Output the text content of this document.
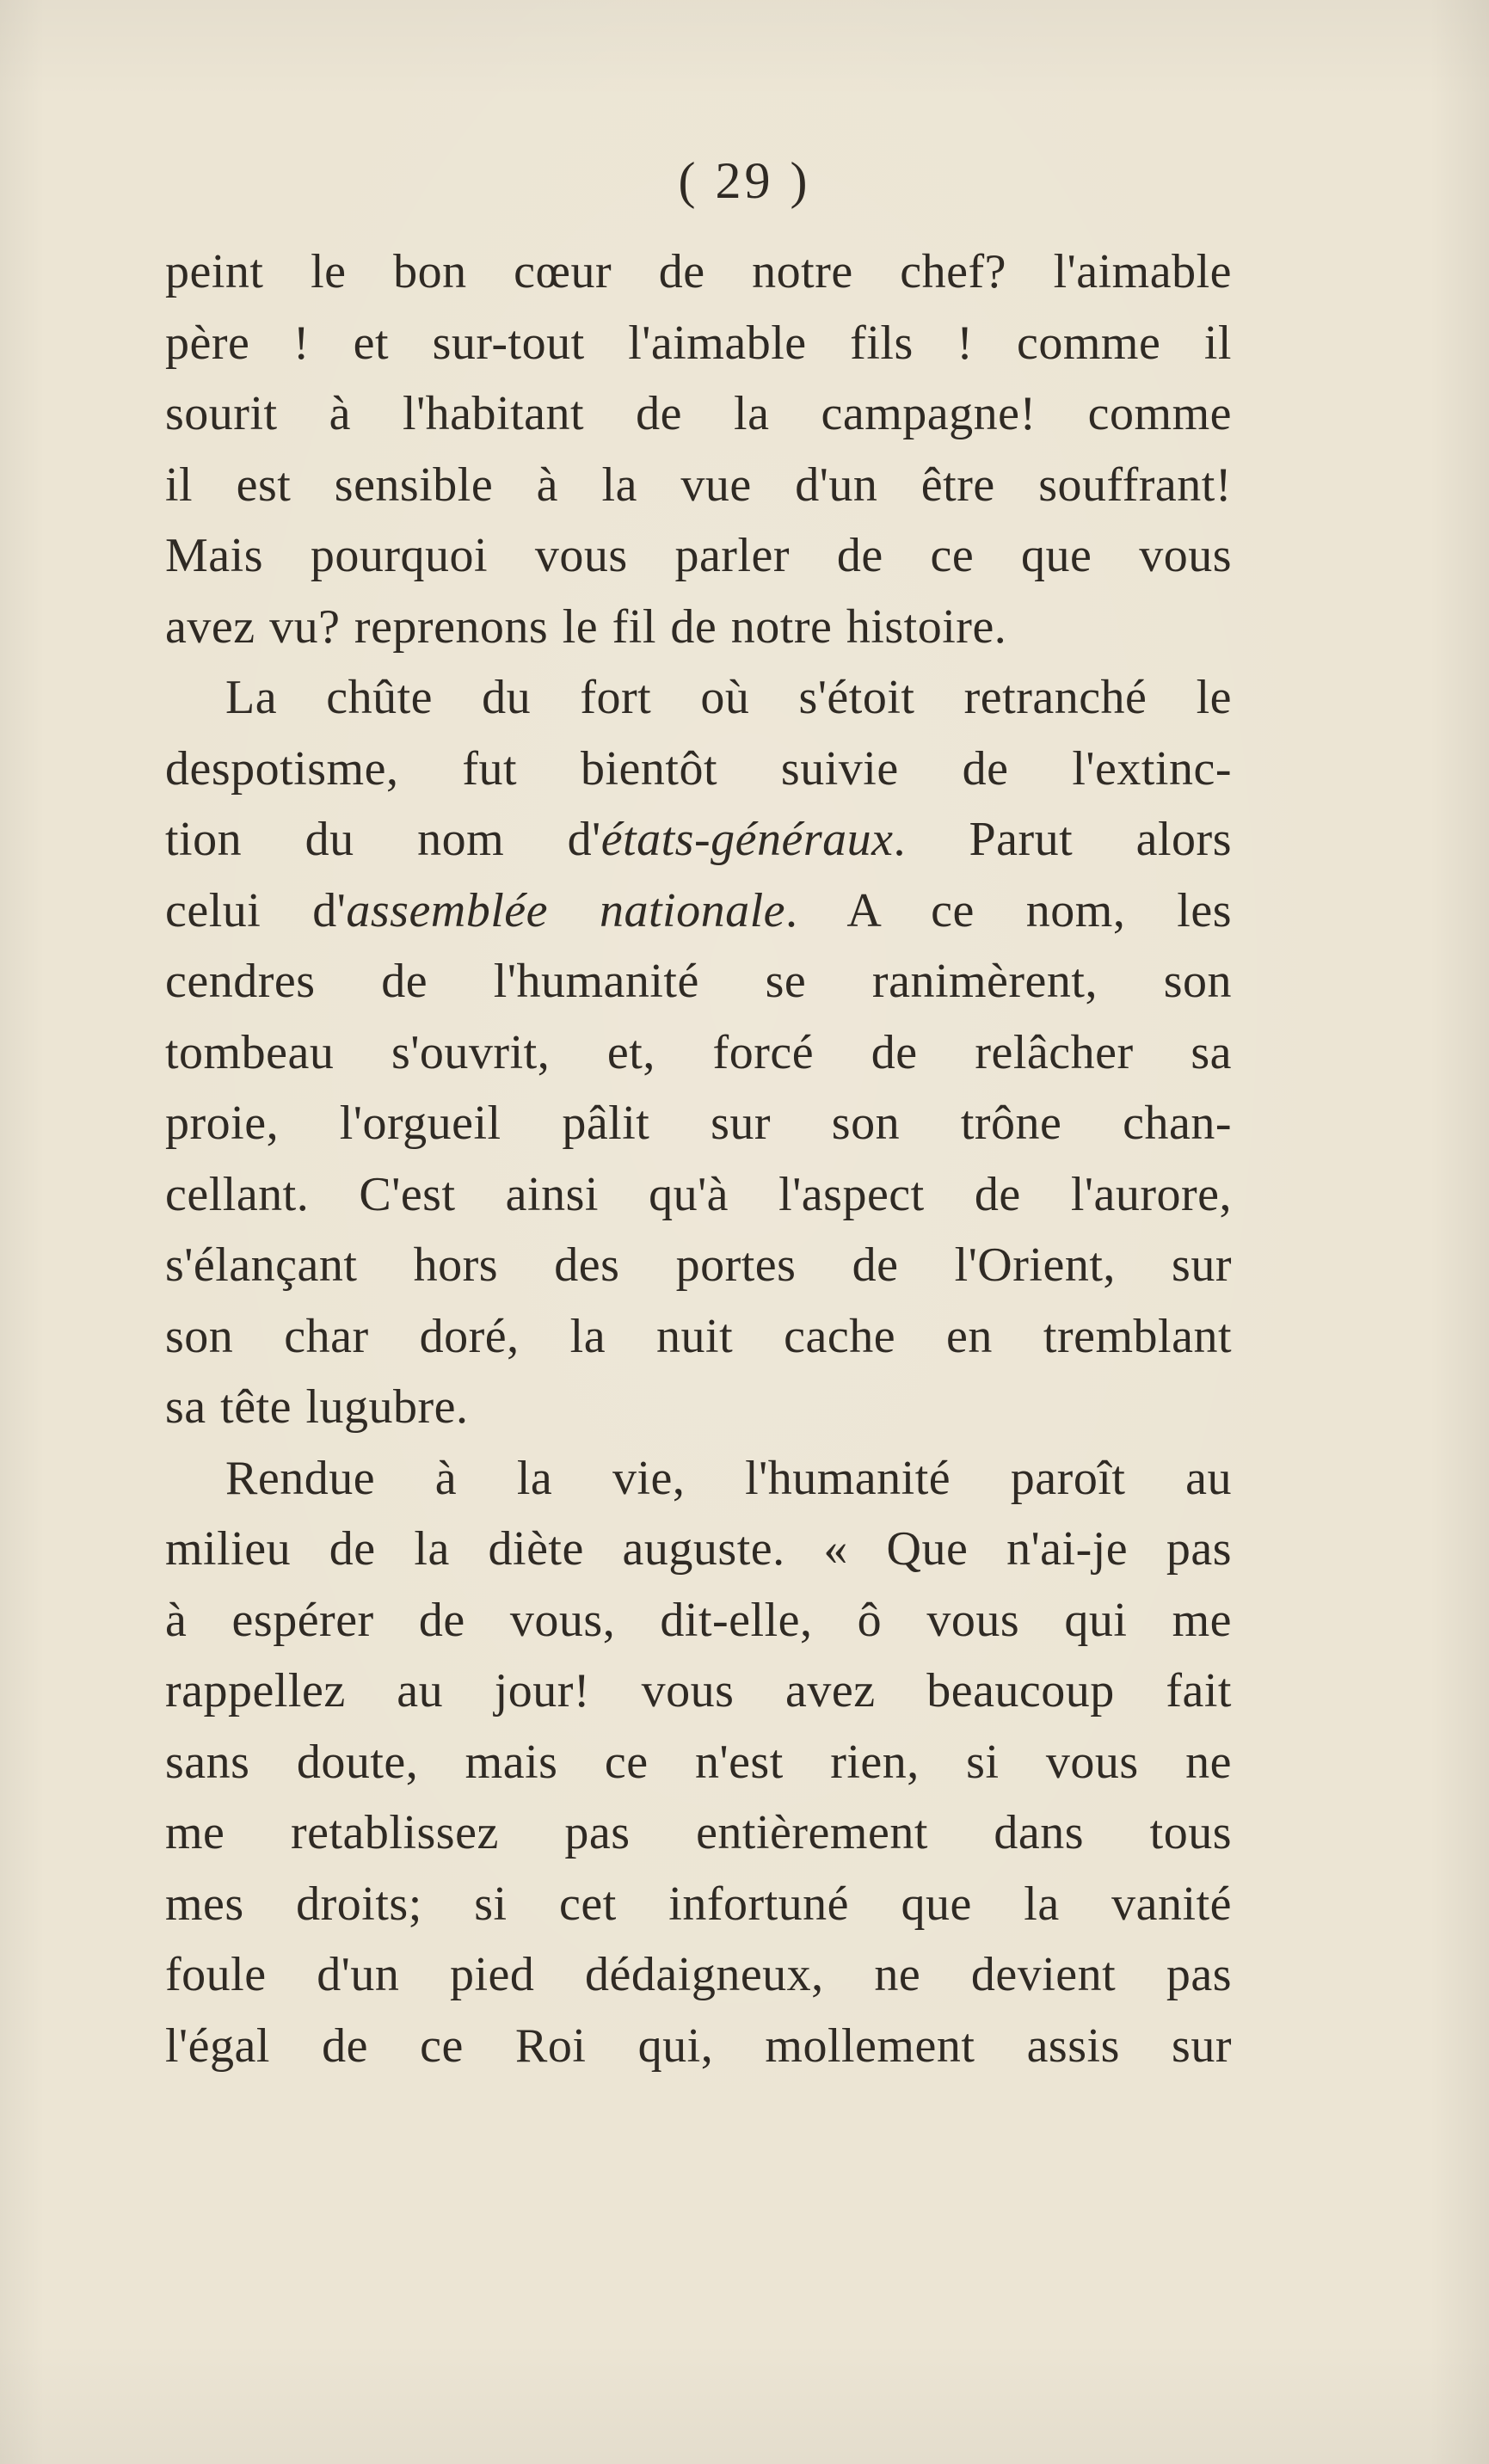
( 29 )
peint le bon cœur de notre chef? l'aimable
père ! et sur-tout l'aimable fils ! comme il
sourit à l'habitant de la campagne! comme
il est sensible à la vue d'un être souffrant!
Mais pourquoi vous parler de ce que vous
avez vu? reprenons le fil de notre histoire.
La chûte du fort où s'étoit retranché le
despotisme, fut bientôt suivie de l'extinc-
tion du nom d'états-généraux. Parut alors
celui d'assemblée nationale. A ce nom, les
cendres de l'humanité se ranimèrent, son
tombeau s'ouvrit, et, forcé de relâcher sa
proie, l'orgueil pâlit sur son trône chan-
cellant. C'est ainsi qu'à l'aspect de l'aurore,
s'élançant hors des portes de l'Orient, sur
son char doré, la nuit cache en tremblant
sa tête lugubre.
Rendue à la vie, l'humanité paroît au
milieu de la diète auguste. « Que n'ai-je pas
à espérer de vous, dit-elle, ô vous qui me
rappellez au jour! vous avez beaucoup fait
sans doute, mais ce n'est rien, si vous ne
me retablissez pas entièrement dans tous
mes droits; si cet infortuné que la vanité
foule d'un pied dédaigneux, ne devient pas
l'égal de ce Roi qui, mollement assis sur
